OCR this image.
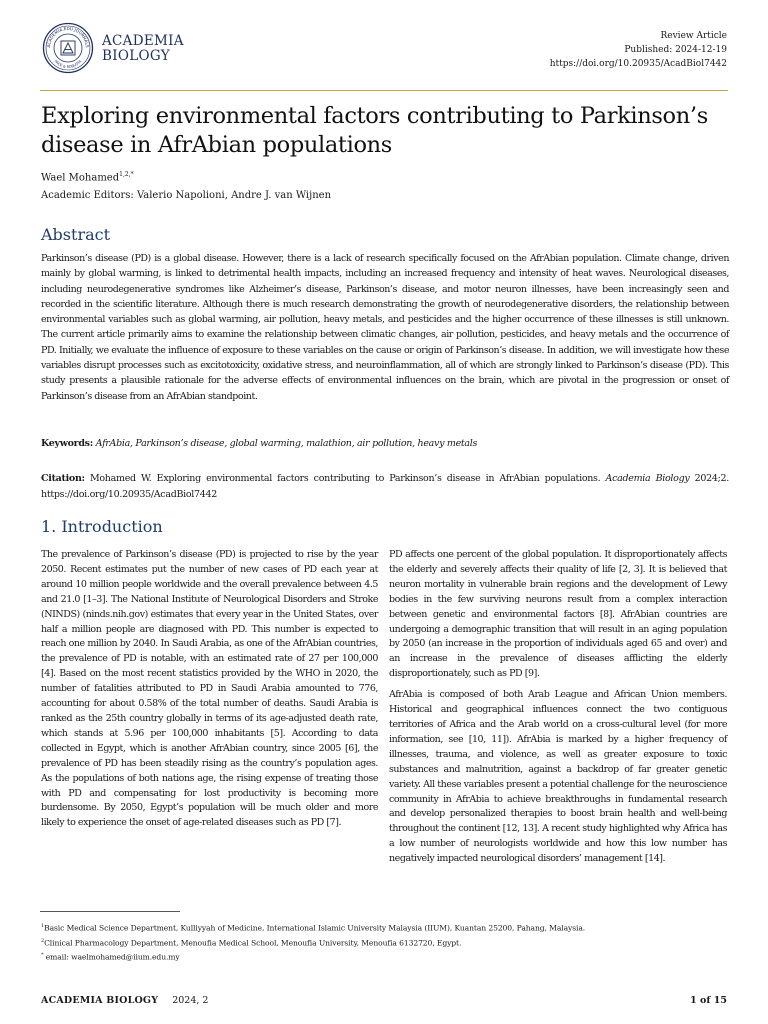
ACADEMIA.EDU JOURNALS
PACE & ROBUSTA
ACADEMIA
BIOLOGY
Review Article
Published: 2024-12-19
https://doi.org/10.20935/AcadBiol7442
Exploring environmental factors contributing to Parkinson’s disease in AfrAbian populations
Wael Mohamed$^{1,2,*}$
Academic Editors: Valerio Napolioni, Andre J. van Wijnen
Abstract

Parkinson’s disease (PD) is a global disease. However, there is a lack of research specifically focused on the AfrAbian population. Climate change, driven mainly by global warming, is linked to detrimental health impacts, including an increased frequency and intensity of heat waves. Neurological diseases, including neurodegenerative syndromes like Alzheimer’s disease, Parkinson’s disease, and motor neuron illnesses, have been increasingly seen and recorded in the scientific literature. Although there is much research demonstrating the growth of neurodegenerative disorders, the relationship between environmental variables such as global warming, air pollution, heavy metals, and pesticides and the higher occurrence of these illnesses is still unknown. The current article primarily aims to examine the relationship between climatic changes, air pollution, pesticides, and heavy metals and the occurrence of PD. Initially, we evaluate the influence of exposure to these variables on the cause or origin of Parkinson’s disease. In addition, we will investigate how these variables disrupt processes such as excitotoxicity, oxidative stress, and neuroinflammation, all of which are strongly linked to Parkinson’s disease (PD). This study presents a plausible rationale for the adverse effects of environmental influences on the brain, which are pivotal in the progression or onset of Parkinson’s disease from an AfrAbian standpoint.

Keywords: AfrAbia, Parkinson’s disease, global warming, malathion, air pollution, heavy metals
Citation: Mohamed W. Exploring environmental factors contributing to Parkinson’s disease in AfrAbian populations. Academia Biology 2024;2. https://doi.org/10.20935/AcadBiol7442
1. Introduction

The prevalence of Parkinson’s disease (PD) is projected to rise by the year 2050. Recent estimates put the number of new cases of PD each year at around 10 million people worldwide and the overall prevalence between 4.5 and 21.0 [1–3]. The National Institute of Neurological Disorders and Stroke (NINDS) (ninds.nih.gov) estimates that every year in the United States, over half a million people are diagnosed with PD. This number is expected to reach one million by 2040. In Saudi Arabia, as one of the AfrAbian countries, the prevalence of PD is notable, with an estimated rate of 27 per 100,000 [4]. Based on the most recent statistics provided by the WHO in 2020, the number of fatalities attributed to PD in Saudi Arabia amounted to 776, accounting for about 0.58% of the total number of deaths. Saudi Arabia is ranked as the 25th country globally in terms of its age-adjusted death rate, which stands at 5.96 per 100,000 inhabitants [5]. According to data collected in Egypt, which is another AfrAbian country, since 2005 [6], the prevalence of PD has been steadily rising as the country’s population ages. As the populations of both nations age, the rising expense of treating those with PD and compensating for lost productivity is becoming more burdensome. By 2050, Egypt’s population will be much older and more likely to experience the onset of age-related diseases such as PD [7].

PD affects one percent of the global population. It disproportionately affects the elderly and severely affects their quality of life [2, 3]. It is believed that neuron mortality in vulnerable brain regions and the development of Lewy bodies in the few surviving neurons result from a complex interaction between genetic and environmental factors [8]. AfrAbian countries are undergoing a demographic transition that will result in an aging population by 2050 (an increase in the proportion of individuals aged 65 and over) and an increase in the prevalence of diseases afflicting the elderly disproportionately, such as PD [9].

AfrAbia is composed of both Arab League and African Union members. Historical and geographical influences connect the two contiguous territories of Africa and the Arab world on a cross-cultural level (for more information, see [10, 11]). AfrAbia is marked by a higher frequency of illnesses, trauma, and violence, as well as greater exposure to toxic substances and malnutrition, against a backdrop of far greater genetic variety. All these variables present a potential challenge for the neuroscience community in AfrAbia to achieve breakthroughs in fundamental research and develop personalized therapies to boost brain health and well-being throughout the continent [12, 13]. A recent study highlighted why Africa has a low number of neurologists worldwide and how this low number has negatively impacted neurological disorders’ management [14].

$^1$Basic Medical Science Department, Kulliyyah of Medicine, International Islamic University Malaysia (IIUM), Kuantan 25200, Pahang, Malaysia.
$^2$Clinical Pharmacology Department, Menoufia Medical School, Menoufia University, Menoufia 6132720, Egypt.
* email: waelmohamed@iium.edu.my
ACADEMIA BIOLOGY 2024, 2	1 of 15
